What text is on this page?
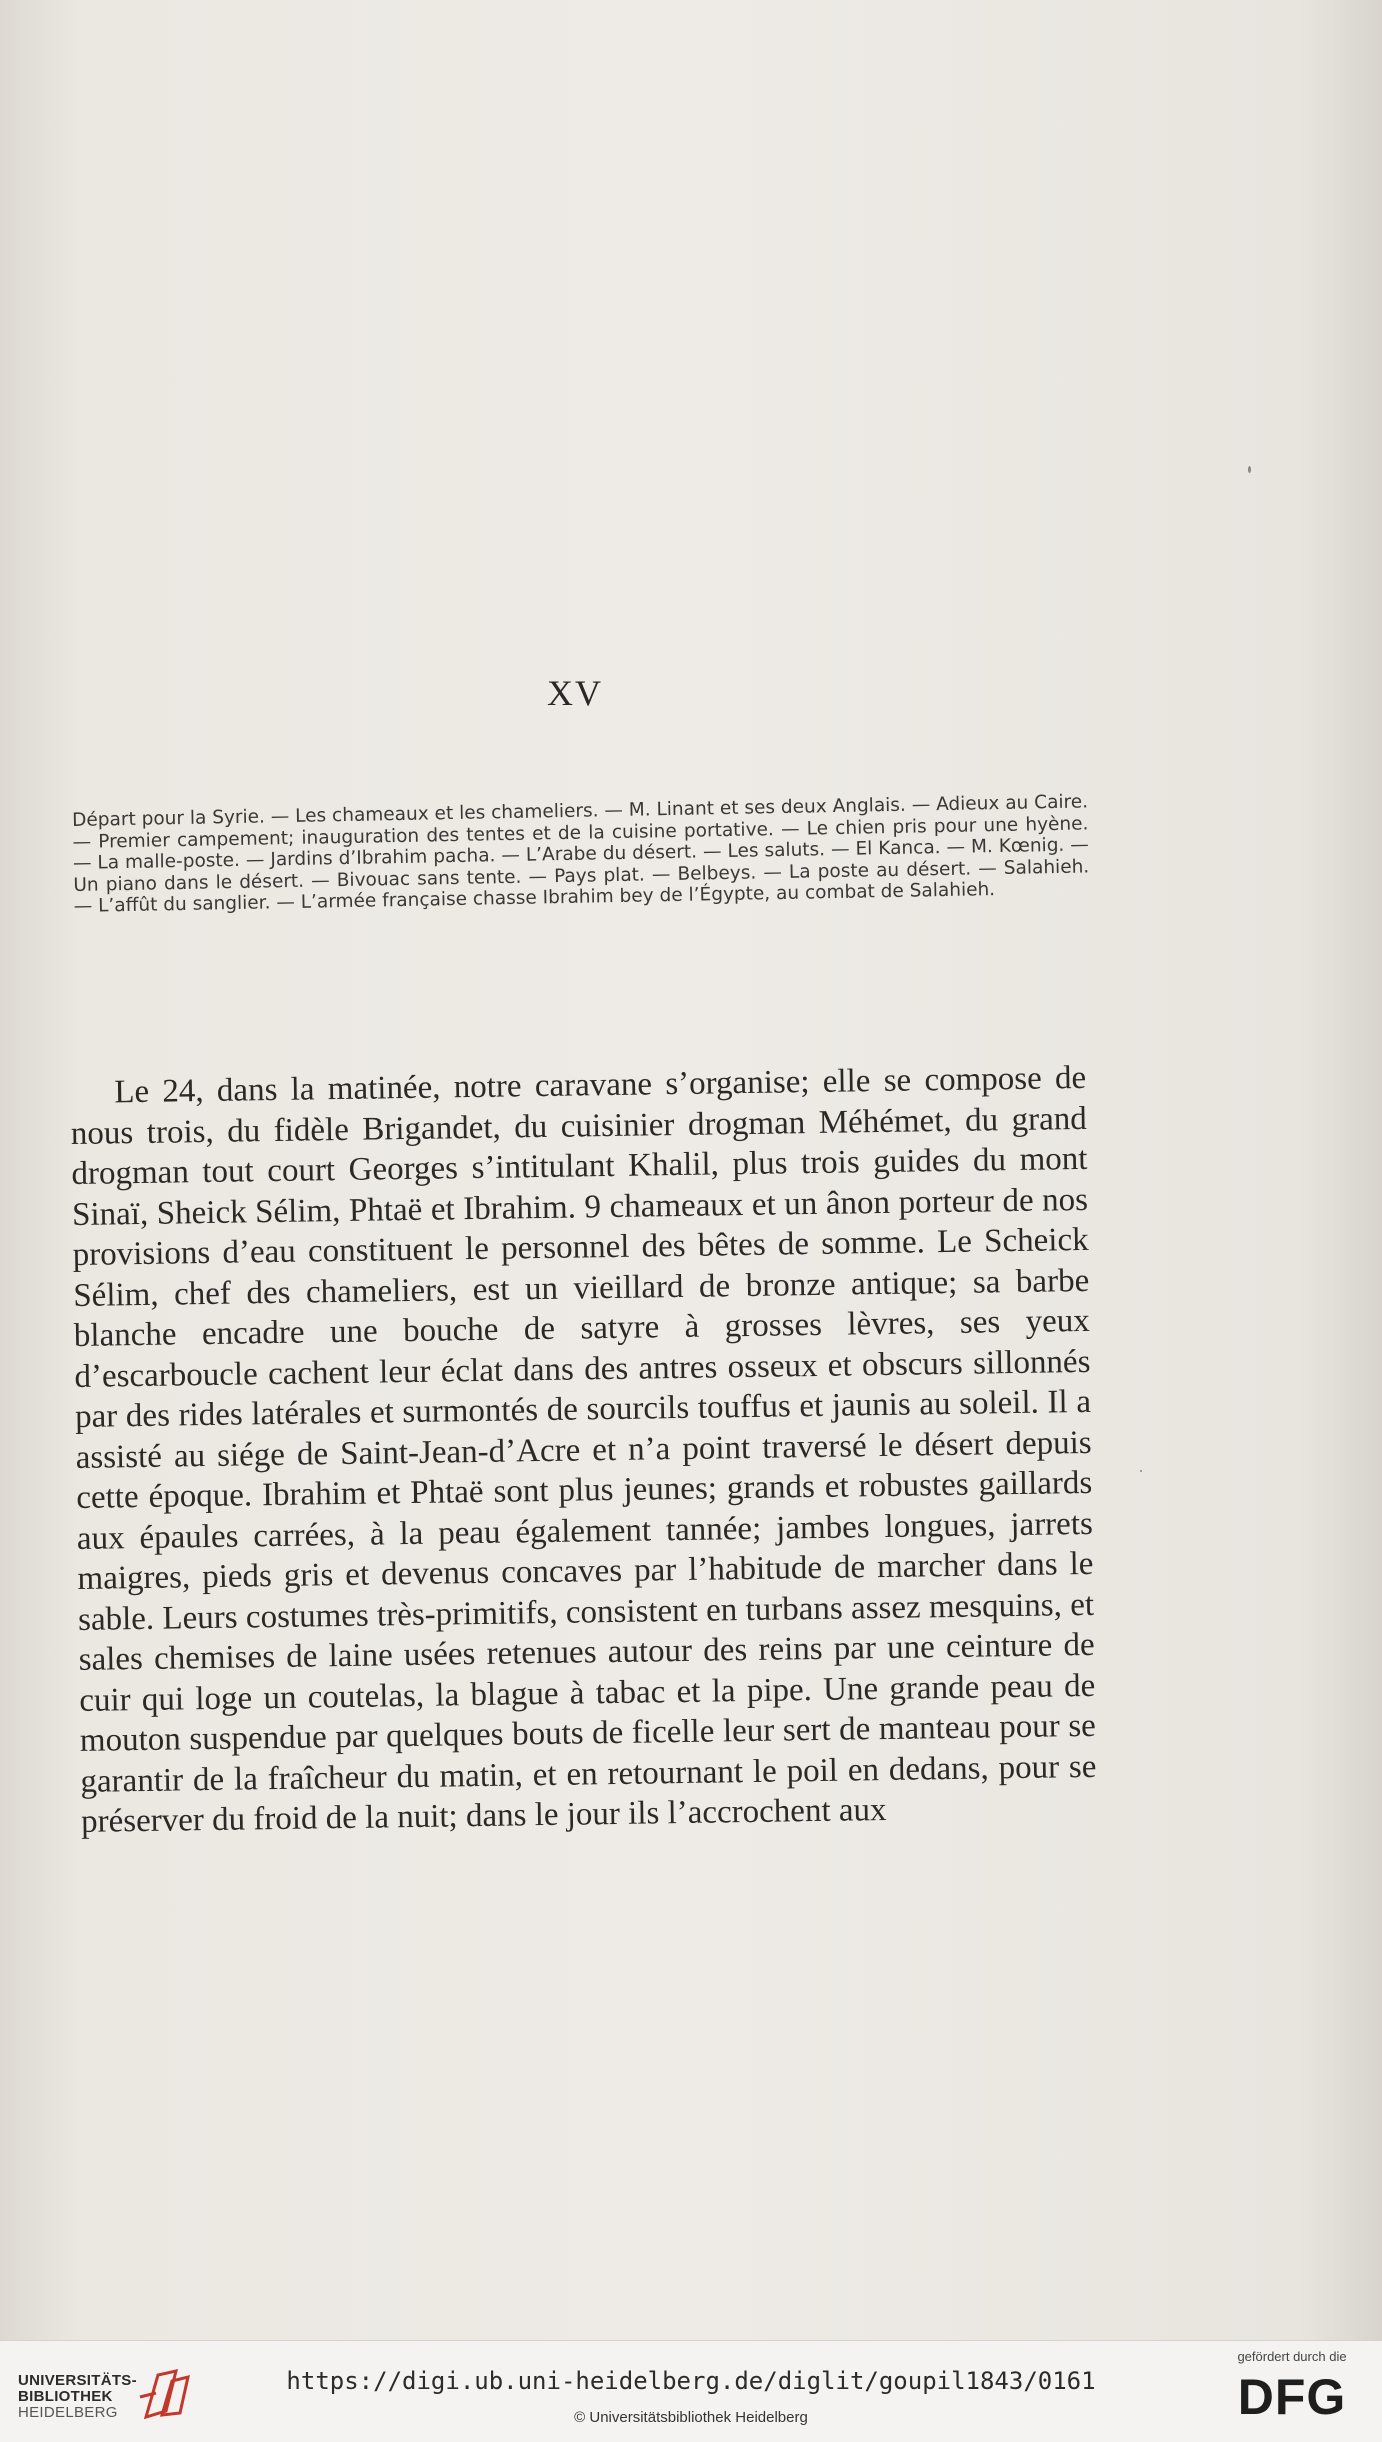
XV
Départ pour la Syrie. — Les chameaux et les chameliers. — M. Linant et ses deux Anglais. — Adieux au Caire. — Premier campement; inauguration des tentes et de la cuisine portative. — Le chien pris pour une hyène. — La malle-poste. — Jardins d’Ibrahim pacha. — L’Arabe du désert. — Les saluts. — El Kanca. — M. Kœnig. — Un piano dans le désert. — Bivouac sans tente. — Pays plat. — Belbeys. — La poste au désert. — Salahieh. — L’affût du sanglier. — L’armée française chasse Ibrahim bey de l’Égypte, au combat de Salahieh.
Le 24, dans la matinée, notre caravane s’organise; elle se compose de nous trois, du fidèle Brigandet, du cuisinier drogman Méhémet, du grand drogman tout court Georges s’intitulant Khalil, plus trois guides du mont Sinaï, Sheick Sélim, Phtaë et Ibrahim. 9 chameaux et un ânon porteur de nos provisions d’eau constituent le personnel des bêtes de somme. Le Scheick Sélim, chef des chameliers, est un vieillard de bronze antique; sa barbe blanche encadre une bouche de satyre à grosses lèvres, ses yeux d’escarboucle cachent leur éclat dans des antres osseux et obscurs sillonnés par des rides latérales et surmontés de sourcils touffus et jaunis au soleil. Il a assisté au siége de Saint-Jean-d’Acre et n’a point traversé le désert depuis cette époque. Ibrahim et Phtaë sont plus jeunes; grands et robustes gaillards aux épaules carrées, à la peau également tannée; jambes longues, jarrets maigres, pieds gris et devenus concaves par l’habitude de marcher dans le sable. Leurs costumes très-primitifs, consistent en turbans assez mesquins, et sales chemises de laine usées retenues autour des reins par une ceinture de cuir qui loge un coutelas, la blague à tabac et la pipe. Une grande peau de mouton suspendue par quelques bouts de ficelle leur sert de manteau pour se garantir de la fraîcheur du matin, et en retournant le poil en dedans, pour se préserver du froid de la nuit; dans le jour ils l’accrochent aux
UNIVERSITÄTS-
BIBLIOTHEK
HEIDELBERG
https://digi.ub.uni-heidelberg.de/diglit/goupil1843/0161
© Universitätsbibliothek Heidelberg
gefördert durch die
DFG
